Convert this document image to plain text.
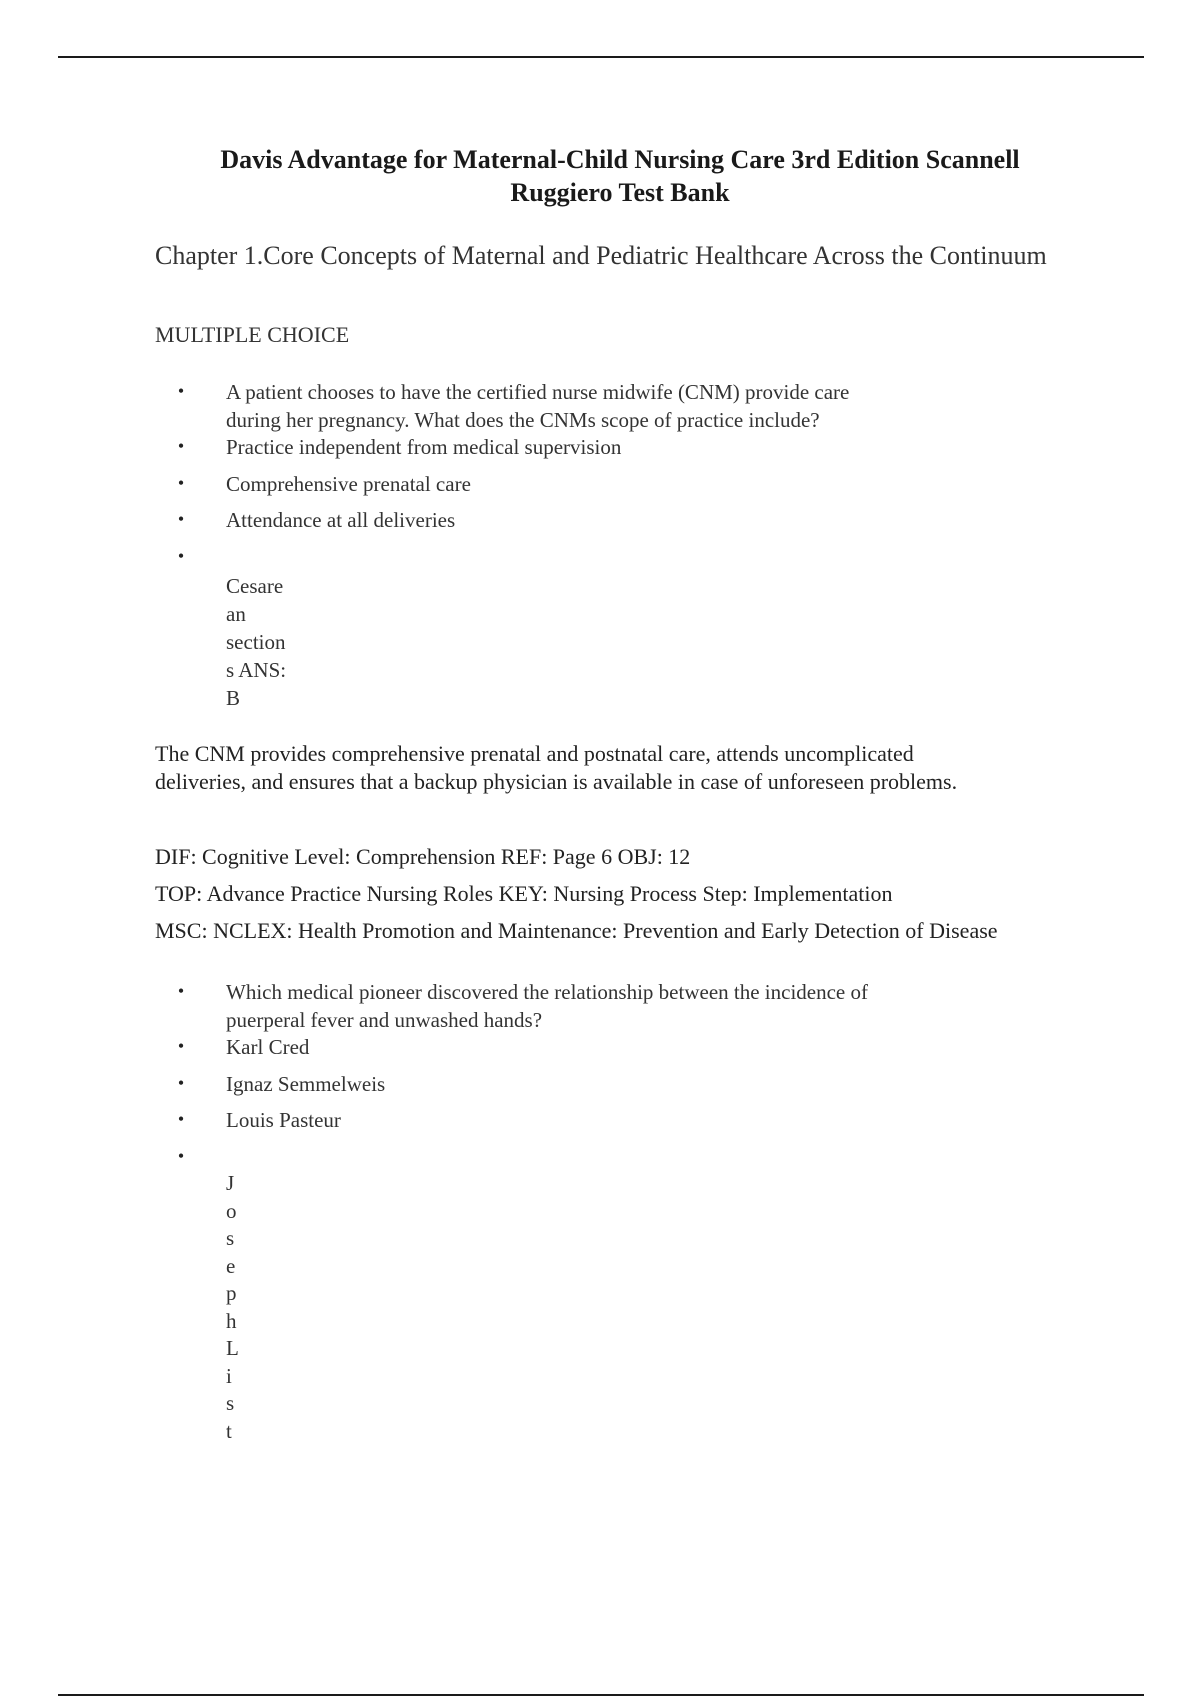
Davis Advantage for Maternal-Child Nursing Care 3rd Edition Scannell Ruggiero Test Bank
Chapter 1.Core Concepts of Maternal and Pediatric Healthcare Across the Continuum
MULTIPLE CHOICE
• A patient chooses to have the certified nurse midwife (CNM) provide care during her pregnancy. What does the CNMs scope of practice include?
• Practice independent from medical supervision
• Comprehensive prenatal care
• Attendance at all deliveries
•
Cesarean sections ANS: B
The CNM provides comprehensive prenatal and postnatal care, attends uncomplicated deliveries, and ensures that a backup physician is available in case of unforeseen problems.
DIF: Cognitive Level: Comprehension REF: Page 6 OBJ: 12
TOP: Advance Practice Nursing Roles KEY: Nursing Process Step: Implementation
MSC: NCLEX: Health Promotion and Maintenance: Prevention and Early Detection of Disease
• Which medical pioneer discovered the relationship between the incidence of puerperal fever and unwashed hands?
• Karl Cred
• Ignaz Semmelweis
• Louis Pasteur
•
JosephList
